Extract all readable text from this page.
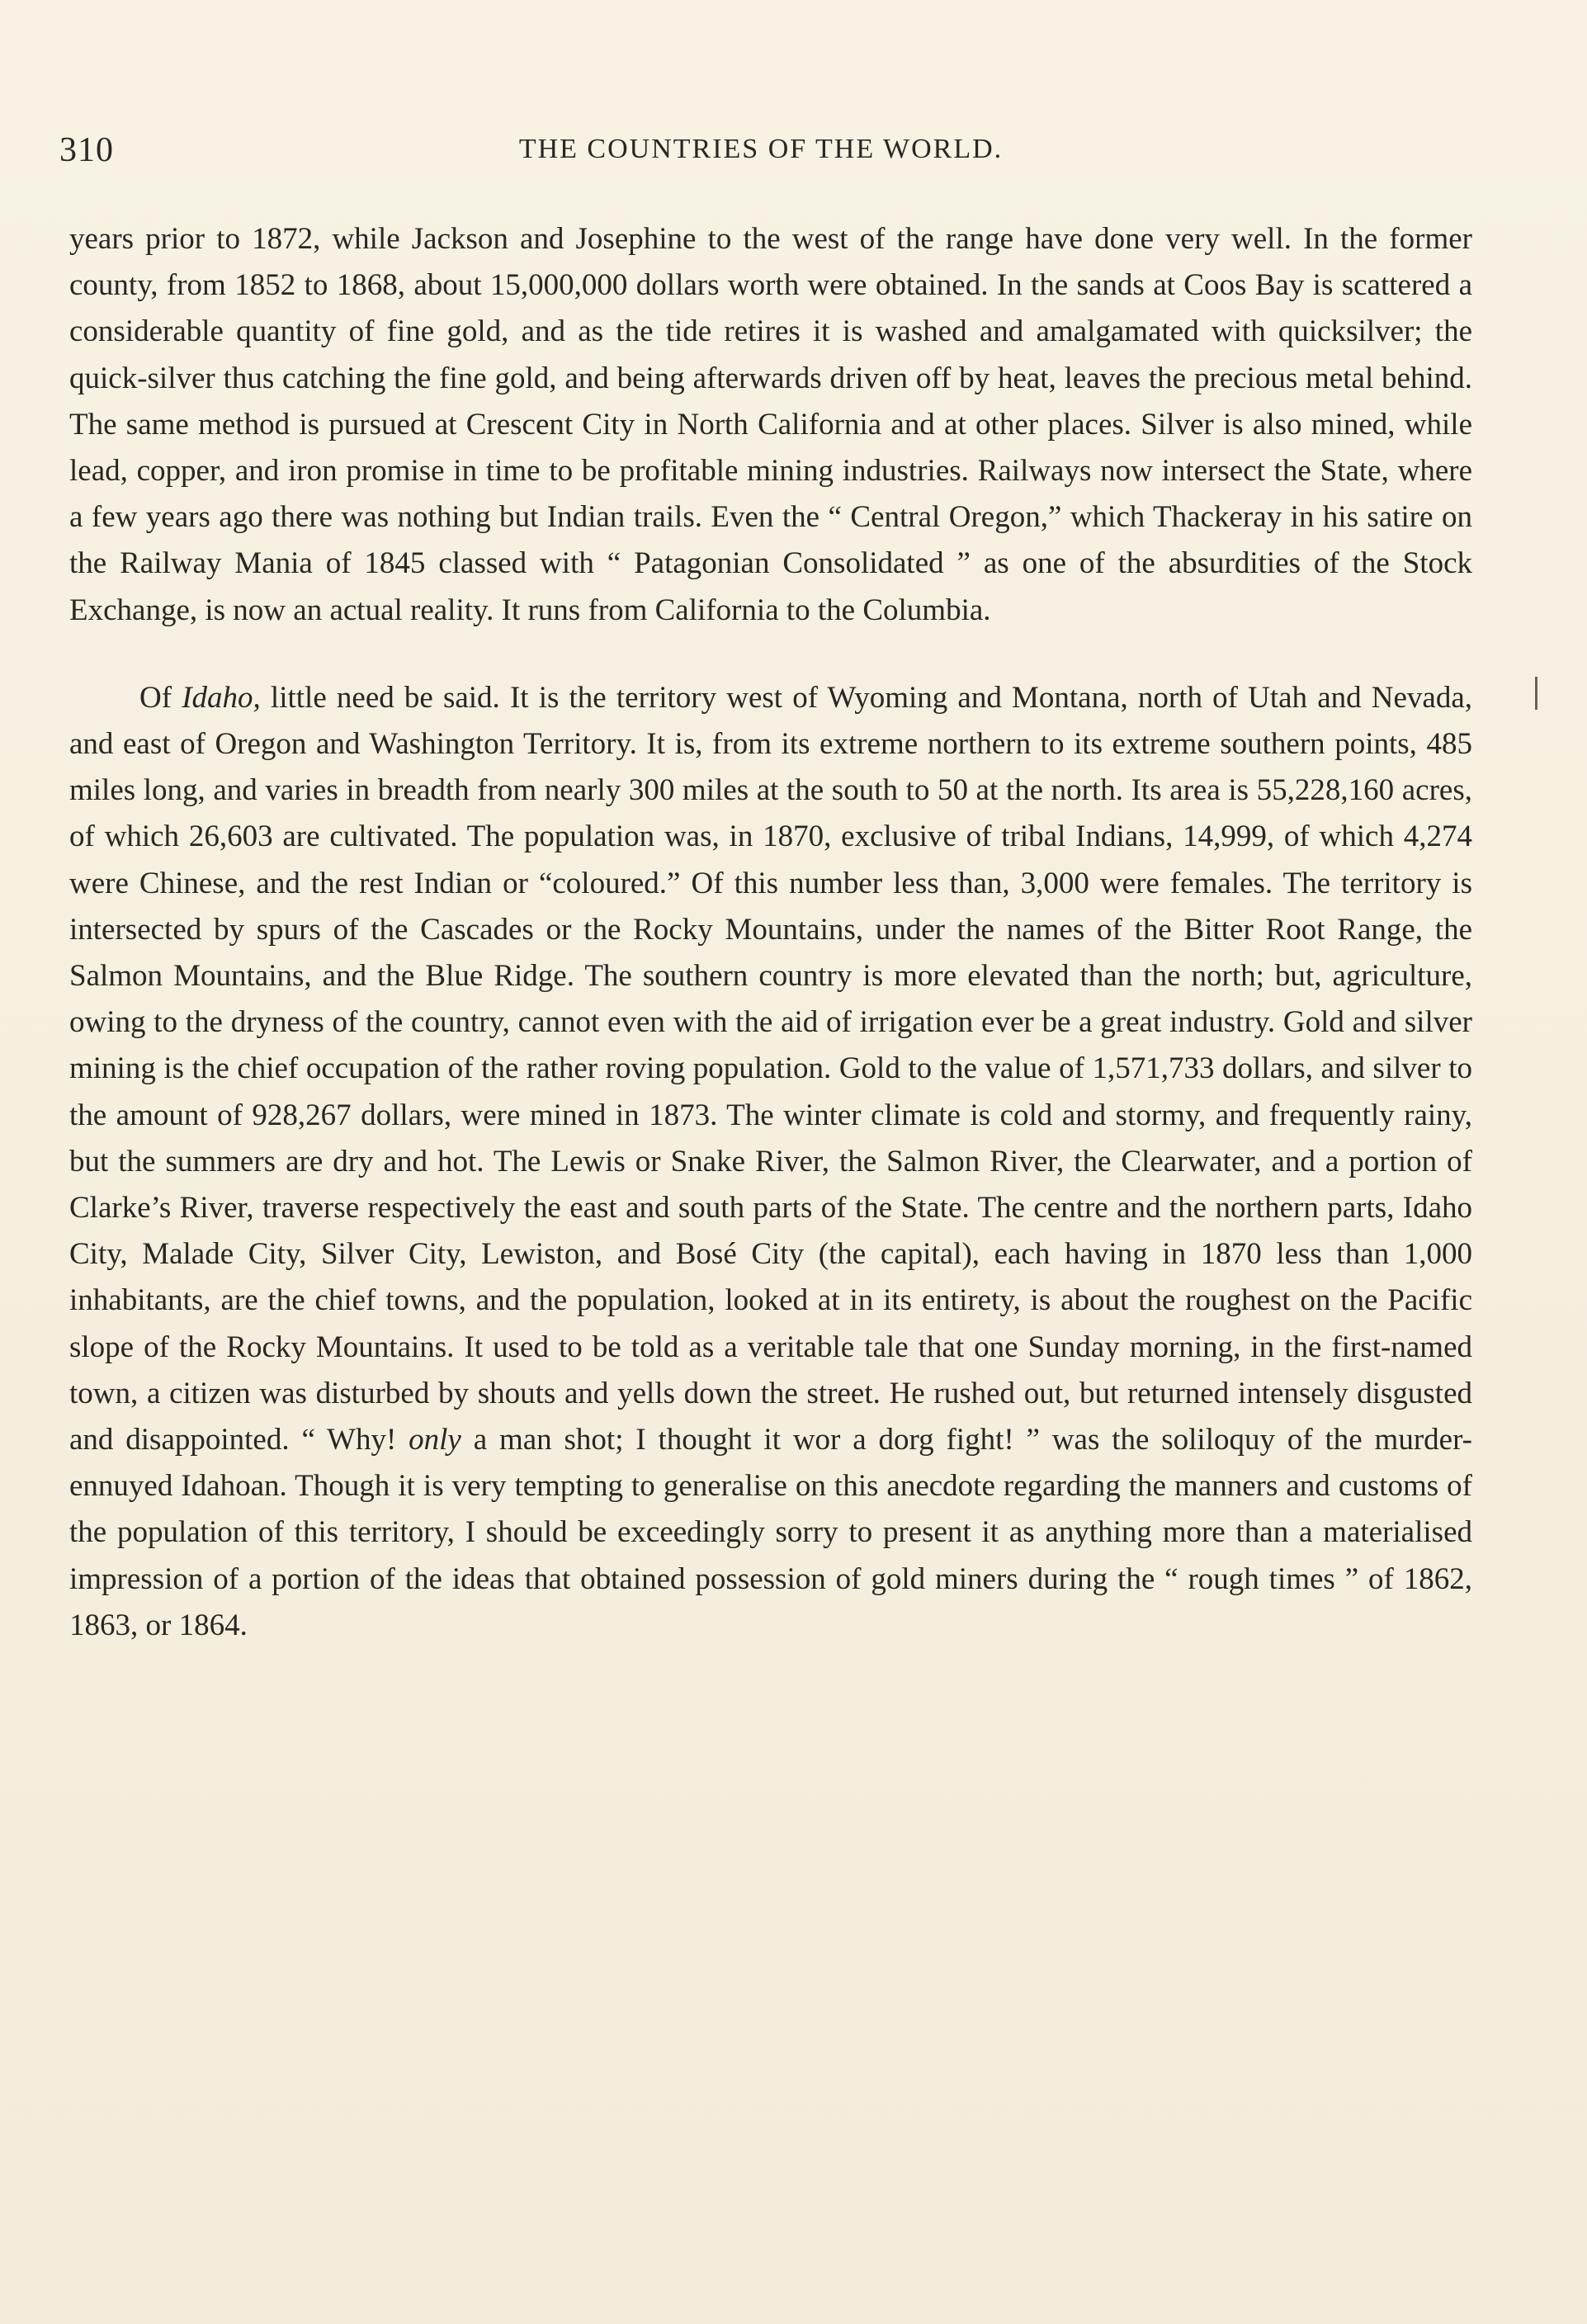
310	THE COUNTRIES OF THE WORLD.

years prior to 1872, while Jackson and Josephine to the west of the range have done very well. In the former county, from 1852 to 1868, about 15,000,000 dollars worth were obtained. In the sands at Coos Bay is scattered a considerable quantity of fine gold, and as the tide retires it is washed and amalgamated with quicksilver; the quick-silver thus catching the fine gold, and being afterwards driven off by heat, leaves the precious metal behind. The same method is pursued at Crescent City in North California and at other places. Silver is also mined, while lead, copper, and iron promise in time to be profitable mining industries. Railways now intersect the State, where a few years ago there was nothing but Indian trails. Even the “ Central Oregon,” which Thackeray in his satire on the Railway Mania of 1845 classed with “ Patagonian Consolidated ” as one of the absurdities of the Stock Exchange, is now an actual reality. It runs from California to the Columbia.

Of Idaho, little need be said. It is the territory west of Wyoming and Montana, north of Utah and Nevada, and east of Oregon and Washington Territory. It is, from its extreme northern to its extreme southern points, 485 miles long, and varies in breadth from nearly 300 miles at the south to 50 at the north. Its area is 55,228,160 acres, of which 26,603 are cultivated. The population was, in 1870, exclusive of tribal Indians, 14,999, of which 4,274 were Chinese, and the rest Indian or “coloured.” Of this number less than, 3,000 were females. The territory is intersected by spurs of the Cascades or the Rocky Mountains, under the names of the Bitter Root Range, the Salmon Mountains, and the Blue Ridge. The southern country is more elevated than the north; but, agriculture, owing to the dryness of the country, cannot even with the aid of irrigation ever be a great industry. Gold and silver mining is the chief occupation of the rather roving population. Gold to the value of 1,571,733 dollars, and silver to the amount of 928,267 dollars, were mined in 1873. The winter climate is cold and stormy, and frequently rainy, but the summers are dry and hot. The Lewis or Snake River, the Salmon River, the Clearwater, and a portion of Clarke’s River, traverse respectively the east and south parts of the State. The centre and the northern parts, Idaho City, Malade City, Silver City, Lewiston, and Bosé City (the capital), each having in 1870 less than 1,000 inhabitants, are the chief towns, and the population, looked at in its entirety, is about the roughest on the Pacific slope of the Rocky Mountains. It used to be told as a veritable tale that one Sunday morning, in the first-named town, a citizen was disturbed by shouts and yells down the street. He rushed out, but returned intensely disgusted and disappointed. “ Why! only a man shot; I thought it wor a dorg fight! ” was the soliloquy of the murder-ennuyed Idahoan. Though it is very tempting to generalise on this anecdote regarding the manners and customs of the population of this territory, I should be exceedingly sorry to present it as anything more than a materialised impression of a portion of the ideas that obtained possession of gold miners during the “ rough times ” of 1862, 1863, or 1864.
